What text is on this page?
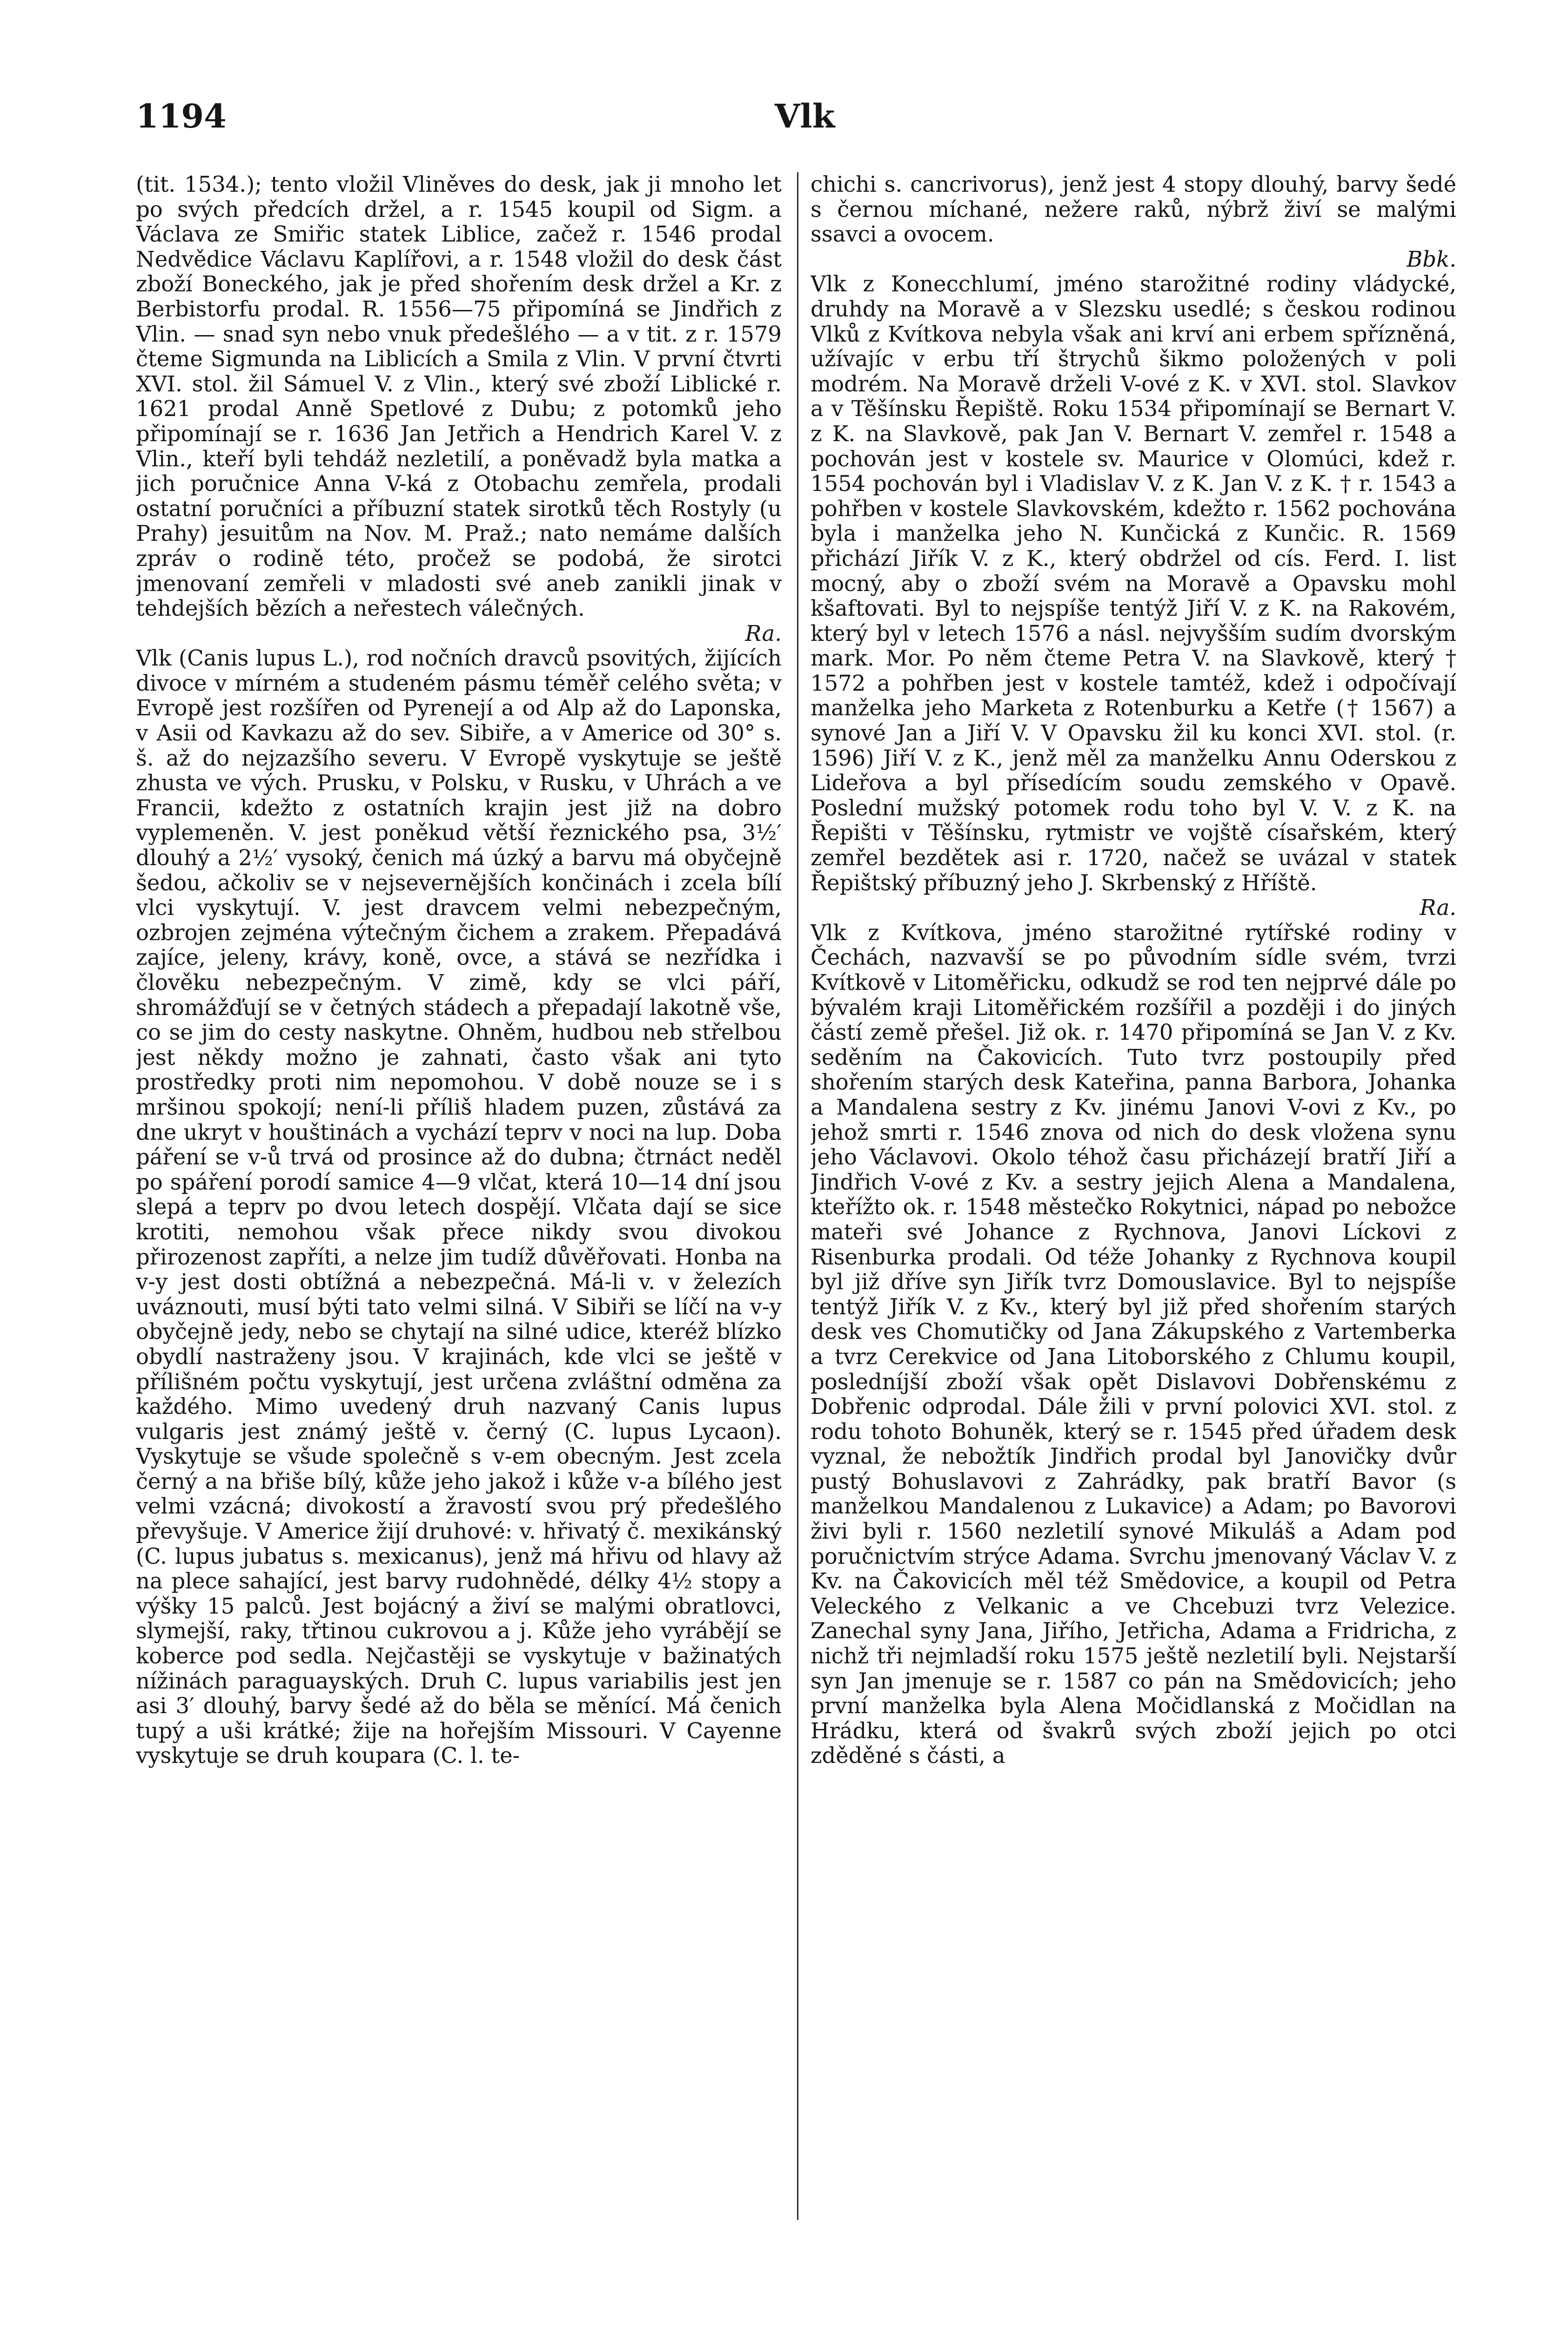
1194	Vlk

(tit. 1534.); tento vložil Vliněves do desk, jak ji mnoho let po svých předcích držel, a r. 1545 koupil od Sigm. a Václava ze Smiřic statek Liblice, začež r. 1546 prodal Nedvědice Václavu Kaplířovi, a r. 1548 vložil do desk část zboží Boneckého, jak je před shořením desk držel a Kr. z Berbistorfu prodal. R. 1556—75 připomíná se Jindřich z Vlin. — snad syn nebo vnuk předešlého — a v tit. z r. 1579 čteme Sigmunda na Liblicích a Smila z Vlin. V první čtvrti XVI. stol. žil Sámuel V. z Vlin., který své zboží Liblické r. 1621 prodal Anně Spetlové z Dubu; z potomků jeho připomínají se r. 1636 Jan Jetřich a Hendrich Karel V. z Vlin., kteří byli tehdáž nezletilí, a poněvadž byla matka a jich poručnice Anna V-ká z Otobachu zemřela, prodali ostatní poručníci a příbuzní statek sirotků těch Rostyly (u Prahy) jesuitům na Nov. M. Praž.; nato nemáme dalších zpráv o rodině této, pročež se podobá, že sirotci jmenovaní zemřeli v mladosti své aneb zanikli jinak v tehdejších bězích a neřestech válečných.

Ra.

Vlk (Canis lupus L.), rod nočních dravců psovitých, žijících divoce v mírném a studeném pásmu téměř celého světa; v Evropě jest rozšířen od Pyrenejí a od Alp až do Laponska, v Asii od Kavkazu až do sev. Sibiře, a v Americe od 30° s. š. až do nejzazšího severu. V Evropě vyskytuje se ještě zhusta ve vých. Prusku, v Polsku, v Rusku, v Uhrách a ve Francii, kdežto z ostatních krajin jest již na dobro vyplemeněn. V. jest poněkud větší řeznického psa, 3½′ dlouhý a 2½′ vysoký, čenich má úzký a barvu má obyčejně šedou, ačkoliv se v nejsevernějších končinách i zcela bílí vlci vyskytují. V. jest dravcem velmi nebezpečným, ozbrojen zejména výtečným čichem a zrakem. Přepadává zajíce, jeleny, krávy, koně, ovce, a stává se nezřídka i člověku nebezpečným. V zimě, kdy se vlci páří, shromážďují se v četných stádech a přepadají lakotně vše, co se jim do cesty naskytne. Ohněm, hudbou neb střelbou jest někdy možno je zahnati, často však ani tyto prostředky proti nim nepomohou. V době nouze se i s mršinou spokojí; není-li příliš hladem puzen, zůstává za dne ukryt v houštinách a vychází teprv v noci na lup. Doba páření se v-ů trvá od prosince až do dubna; čtrnáct neděl po spáření porodí samice 4—9 vlčat, která 10—14 dní jsou slepá a teprv po dvou letech dospějí. Vlčata dají se sice krotiti, nemohou však přece nikdy svou divokou přirozenost zapříti, a nelze jim tudíž důvěřovati. Honba na v-y jest dosti obtížná a nebezpečná. Má-li v. v železích uváznouti, musí býti tato velmi silná. V Sibiři se líčí na v-y obyčejně jedy, nebo se chytají na silné udice, kteréž blízko obydlí nastraženy jsou. V krajinách, kde vlci se ještě v přílišném počtu vyskytují, jest určena zvláštní odměna za každého. Mimo uvedený druh nazvaný Canis lupus vulgaris jest známý ještě v. černý (C. lupus Lycaon). Vyskytuje se všude společně s v-em obecným. Jest zcela černý a na břiše bílý, kůže jeho jakož i kůže v-a bílého jest velmi vzácná; divokostí a žravostí svou prý předešlého převyšuje. V Americe žijí druhové: v. hřivatý č. mexikánský (C. lupus jubatus s. mexicanus), jenž má hřivu od hlavy až na plece sahající, jest barvy rudohnědé, délky 4½ stopy a výšky 15 palců. Jest bojácný a živí se malými obratlovci, slymejší, raky, třtinou cukrovou a j. Kůže jeho vyrábějí se koberce pod sedla. Nejčastěji se vyskytuje v bažinatých nížinách paraguayských. Druh C. lupus variabilis jest jen asi 3′ dlouhý, barvy šedé až do běla se měnící. Má čenich tupý a uši krátké; žije na hořejším Missouri. V Cayenne vyskytuje se druh koupara (C. l. te-

chichi s. cancrivorus), jenž jest 4 stopy dlouhý, barvy šedé s černou míchané, nežere raků, nýbrž živí se malými ssavci a ovocem.

Bbk.

Vlk z Konecchlumí, jméno starožitné rodiny vládycké, druhdy na Moravě a v Slezsku usedlé; s českou rodinou Vlků z Kvítkova nebyla však ani krví ani erbem spřízněná, užívajíc v erbu tří štrychů šikmo položených v poli modrém. Na Moravě drželi V-ové z K. v XVI. stol. Slavkov a v Těšínsku Řepiště. Roku 1534 připomínají se Bernart V. z K. na Slavkově, pak Jan V. Bernart V. zemřel r. 1548 a pochován jest v kostele sv. Maurice v Olomúci, kdež r. 1554 pochován byl i Vladislav V. z K. Jan V. z K. † r. 1543 a pohřben v kostele Slavkovském, kdežto r. 1562 pochována byla i manželka jeho N. Kunčická z Kunčic. R. 1569 přichází Jiřík V. z K., který obdržel od cís. Ferd. I. list mocný, aby o zboží svém na Moravě a Opavsku mohl kšaftovati. Byl to nejspíše tentýž Jiří V. z K. na Rakovém, který byl v letech 1576 a násl. nejvyšším sudím dvorským mark. Mor. Po něm čteme Petra V. na Slavkově, který † 1572 a pohřben jest v kostele tamtéž, kdež i odpočívají manželka jeho Marketa z Rotenburku a Ketře († 1567) a synové Jan a Jiří V. V Opavsku žil ku konci XVI. stol. (r. 1596) Jiří V. z K., jenž měl za manželku Annu Oderskou z Lideřova a byl přísedícím soudu zemského v Opavě. Poslední mužský potomek rodu toho byl V. V. z K. na Řepišti v Těšínsku, rytmistr ve vojště císařském, který zemřel bezdětek asi r. 1720, načež se uvázal v statek Řepištský příbuzný jeho J. Skrbenský z Hříště.

Ra.

Vlk z Kvítkova, jméno starožitné rytířské rodiny v Čechách, nazvavší se po původním sídle svém, tvrzi Kvítkově v Litoměřicku, odkudž se rod ten nejprvé dále po bývalém kraji Litoměřickém rozšířil a později i do jiných částí země přešel. Již ok. r. 1470 připomíná se Jan V. z Kv. seděním na Čakovicích. Tuto tvrz postoupily před shořením starých desk Kateřina, panna Barbora, Johanka a Mandalena sestry z Kv. jinému Janovi V-ovi z Kv., po jehož smrti r. 1546 znova od nich do desk vložena synu jeho Václavovi. Okolo téhož času přicházejí bratří Jiří a Jindřich V-ové z Kv. a sestry jejich Alena a Mandalena, kteřížto ok. r. 1548 městečko Rokytnici, nápad po nebožce mateři své Johance z Rychnova, Janovi Líckovi z Risenburka prodali. Od téže Johanky z Rychnova koupil byl již dříve syn Jiřík tvrz Domouslavice. Byl to nejspíše tentýž Jiřík V. z Kv., který byl již před shořením starých desk ves Chomutičky od Jana Zákupského z Vartemberka a tvrz Cerekvice od Jana Litoborského z Chlumu koupil, posledníjší zboží však opět Dislavovi Dobřenskému z Dobřenic odprodal. Dále žili v první polovici XVI. stol. z rodu tohoto Bohuněk, který se r. 1545 před úřadem desk vyznal, že nebožtík Jindřich prodal byl Janovičky dvůr pustý Bohuslavovi z Zahrádky, pak bratří Bavor (s manželkou Mandalenou z Lukavice) a Adam; po Bavorovi živi byli r. 1560 nezletilí synové Mikuláš a Adam pod poručnictvím strýce Adama. Svrchu jmenovaný Václav V. z Kv. na Čakovicích měl též Smědovice, a koupil od Petra Veleckého z Velkanic a ve Chcebuzi tvrz Velezice. Zanechal syny Jana, Jiřího, Jetřicha, Adama a Fridricha, z nichž tři nejmladší roku 1575 ještě nezletilí byli. Nejstarší syn Jan jmenuje se r. 1587 co pán na Smědovicích; jeho první manželka byla Alena Močidlanská z Močidlan na Hrádku, která od švakrů svých zboží jejich po otci zděděné s části, a
